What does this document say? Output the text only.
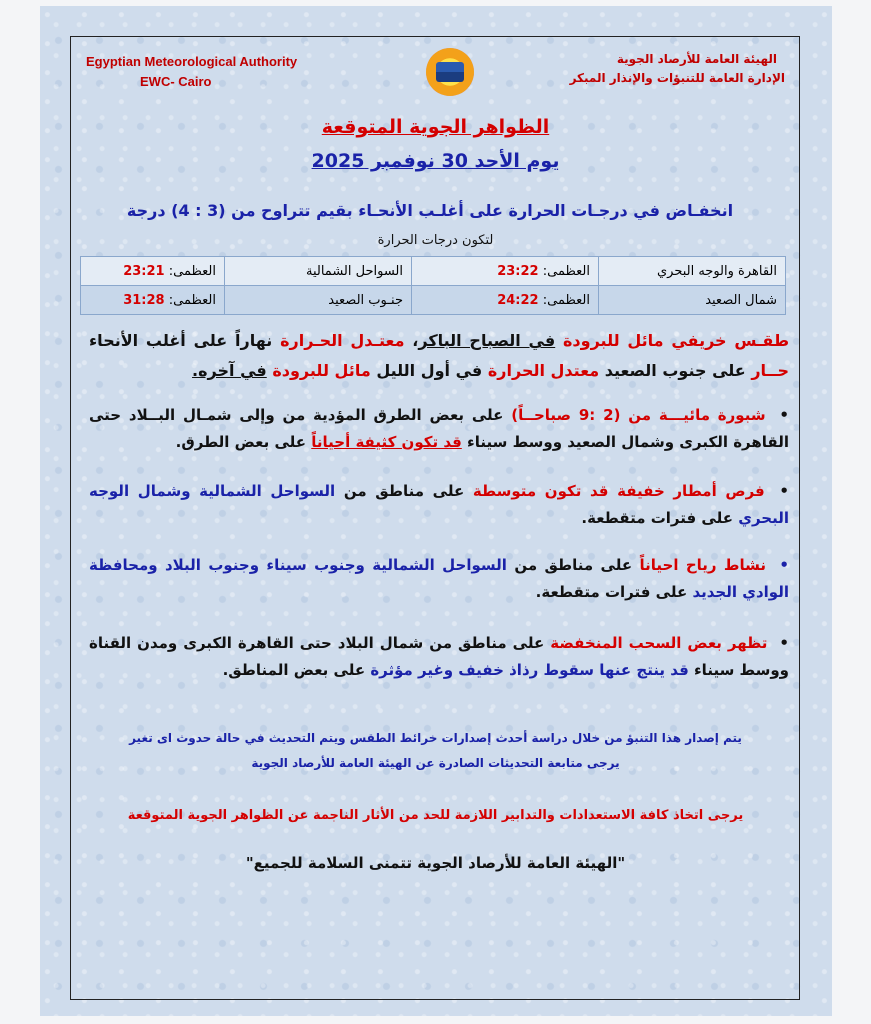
Egyptian Meteorological Authority
EWC- Cairo
الهيئة العامة للأرصاد الجوية
الإدارة العامة للتنبؤات والإنذار المبكر
الظواهر الجوية المتوقعة
يوم الأحد 30 نوفمبر 2025
انخفـاض في درجـات الحرارة على أغلـب الأنحـاء بقيم تتراوح من (3 : 4) درجة
لتكون درجات الحرارة
القاهرة والوجه البحري	العظمى: 23:22	السواحل الشمالية	العظمى: 23:21
شمال الصعيد	العظمى: 24:22	جنـوب الصعيد	العظمى: 31:28
طقـس خريفي مائل للبرودة في الصباح الباكر، معتـدل الحـرارة نهاراً على أغلب الأنحاء حــار على جنوب الصعيد معتدل الحرارة في أول الليل مائل للبرودة في آخره.
• شبورة مائيـــة من (2 :9 صباحــاً) على بعض الطرق المؤدية من وإلى شمـال البــلاد حتى القاهرة الكبرى وشمال الصعيد ووسط سيناء قد تكون كثيفة أحياناً على بعض الطرق.
• فرص أمطار خفيفة قد تكون متوسطة على مناطق من السواحل الشمالية وشمال الوجه البحري على فترات متقطعة.
• نشاط رياح احياناً على مناطق من السواحل الشمالية وجنوب سيناء وجنوب البلاد ومحافظة الوادي الجديد على فترات متقطعة.
• تظهر بعض السحب المنخفضة على مناطق من شمال البلاد حتى القاهرة الكبرى ومدن القناة ووسط سيناء قد ينتج عنها سقوط رذاذ خفيف وغير مؤثرة على بعض المناطق.
يتم إصدار هذا التنبؤ من خلال دراسة أحدث إصدارات خرائط الطقس ويتم التحديث في حالة حدوث اى تغير
يرجى متابعة التحديثات الصادرة عن الهيئة العامة للأرصاد الجوية
يرجى اتخاذ كافة الاستعدادات والتدابير اللازمة للحد من الأثار الناجمة عن الظواهر الجوية المتوقعة
"الهيئة العامة للأرصاد الجوية تتمنى السلامة للجميع"
